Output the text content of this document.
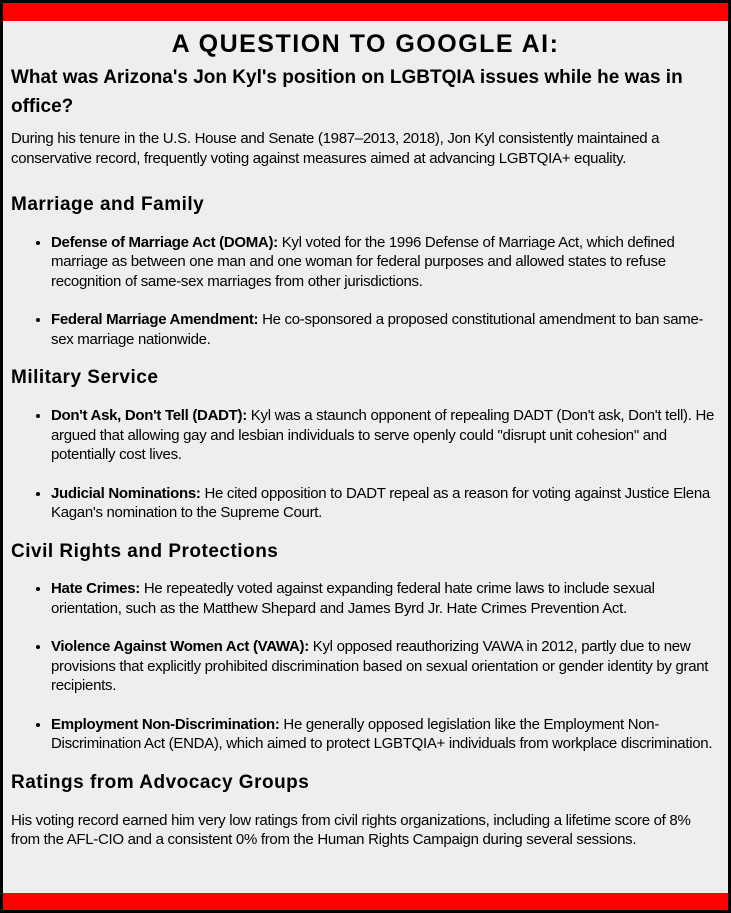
A QUESTION TO GOOGLE AI:
What was Arizona's Jon Kyl's position on LGBTQIA issues while he was in office?

During his tenure in the U.S. House and Senate (1987–2013, 2018), Jon Kyl consistently maintained a conservative record, frequently voting against measures aimed at advancing LGBTQIA+ equality.

Marriage and Family
• Defense of Marriage Act (DOMA): Kyl voted for the 1996 Defense of Marriage Act, which defined marriage as between one man and one woman for federal purposes and allowed states to refuse recognition of same-sex marriages from other jurisdictions.
• Federal Marriage Amendment: He co-sponsored a proposed constitutional amendment to ban same-sex marriage nationwide.
Military Service
• Don't Ask, Don't Tell (DADT): Kyl was a staunch opponent of repealing DADT (Don't ask, Don't tell). He argued that allowing gay and lesbian individuals to serve openly could "disrupt unit cohesion" and potentially cost lives.
• Judicial Nominations: He cited opposition to DADT repeal as a reason for voting against Justice Elena Kagan's nomination to the Supreme Court.
Civil Rights and Protections
• Hate Crimes: He repeatedly voted against expanding federal hate crime laws to include sexual orientation, such as the Matthew Shepard and James Byrd Jr. Hate Crimes Prevention Act.
• Violence Against Women Act (VAWA): Kyl opposed reauthorizing VAWA in 2012, partly due to new provisions that explicitly prohibited discrimination based on sexual orientation or gender identity by grant recipients.
• Employment Non-Discrimination: He generally opposed legislation like the Employment Non-Discrimination Act (ENDA), which aimed to protect LGBTQIA+ individuals from workplace discrimination.
Ratings from Advocacy Groups

His voting record earned him very low ratings from civil rights organizations, including a lifetime score of 8% from the AFL-CIO and a consistent 0% from the Human Rights Campaign during several sessions.
